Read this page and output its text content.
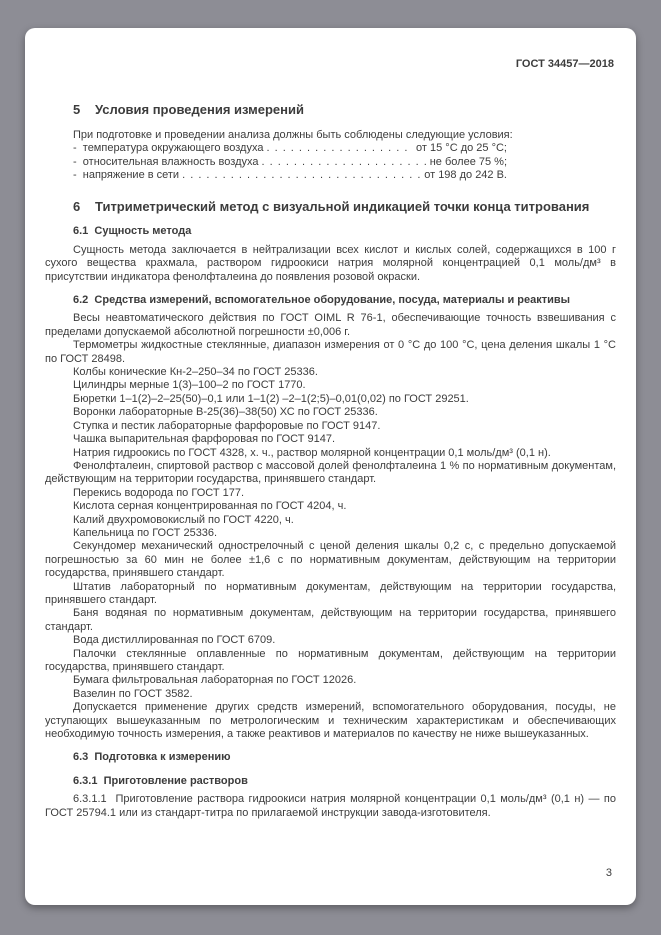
ГОСТ 34457—2018
5 Условия проведения измерений
При подготовке и проведении анализа должны быть соблюдены следующие условия:
-  температура окружающего воздуха . . .	от 15 °С до 25 °С;
-  относительная влажность воздуха . . .	не более 75 %;
-  напряжение в сети . . .	от 198 до 242 В.
6 Титриметрический метод с визуальной индикацией точки конца титрования
6.1  Сущность метода
Сущность метода заключается в нейтрализации всех кислот и кислых солей, содержащихся в 100 г сухого вещества крахмала, раствором гидроокиси натрия молярной концентрацией 0,1 моль/дм³ в присутствии индикатора фенолфталеина до появления розовой окраски.
6.2  Средства измерений, вспомогательное оборудование, посуда, материалы и реактивы
Весы неавтоматического действия по ГОСТ OIML R 76-1, обеспечивающие точность взвешивания с пределами допускаемой абсолютной погрешности ±0,006 г.
Термометры жидкостные стеклянные, диапазон измерения от 0 °С до 100 °С, цена деления шкалы 1 °С по ГОСТ 28498.
Колбы конические Кн-2–250–34 по ГОСТ 25336.
Цилиндры мерные 1(3)–100–2 по ГОСТ 1770.
Бюретки 1–1(2)–2–25(50)–0,1 или 1–1(2) –2–1(2;5)–0,01(0,02) по ГОСТ 29251.
Воронки лабораторные В-25(36)–38(50) ХС по ГОСТ 25336.
Ступка и пестик лабораторные фарфоровые по ГОСТ 9147.
Чашка выпарительная фарфоровая по ГОСТ 9147.
Натрия гидроокись по ГОСТ 4328, х. ч., раствор молярной концентрации 0,1 моль/дм³ (0,1 н).
Фенолфталеин, спиртовой раствор с массовой долей фенолфталеина 1 % по нормативным документам, действующим на территории государства, принявшего стандарт.
Перекись водорода по ГОСТ 177.
Кислота серная концентрированная по ГОСТ 4204, ч.
Калий двухромовокислый по ГОСТ 4220, ч.
Капельница по ГОСТ 25336.
Секундомер механический однострелочный с ценой деления шкалы 0,2 с, с предельно допускаемой погрешностью за 60 мин не более ±1,6 с по нормативным документам, действующим на территории государства, принявшего стандарт.
Штатив лабораторный по нормативным документам, действующим на территории государства, принявшего стандарт.
Баня водяная по нормативным документам, действующим на территории государства, принявшего стандарт.
Вода дистиллированная по ГОСТ 6709.
Палочки стеклянные оплавленные по нормативным документам, действующим на территории государства, принявшего стандарт.
Бумага фильтровальная лабораторная по ГОСТ 12026.
Вазелин по ГОСТ 3582.
Допускается применение других средств измерений, вспомогательного оборудования, посуды, не уступающих вышеуказанным по метрологическим и техническим характеристикам и обеспечивающих необходимую точность измерения, а также реактивов и материалов по качеству не ниже вышеуказанных.
6.3  Подготовка к измерению
6.3.1  Приготовление растворов
6.3.1.1  Приготовление раствора гидроокиси натрия молярной концентрации 0,1 моль/дм³ (0,1 н) — по ГОСТ 25794.1 или из стандарт-титра по прилагаемой инструкции завода-изготовителя.
3
